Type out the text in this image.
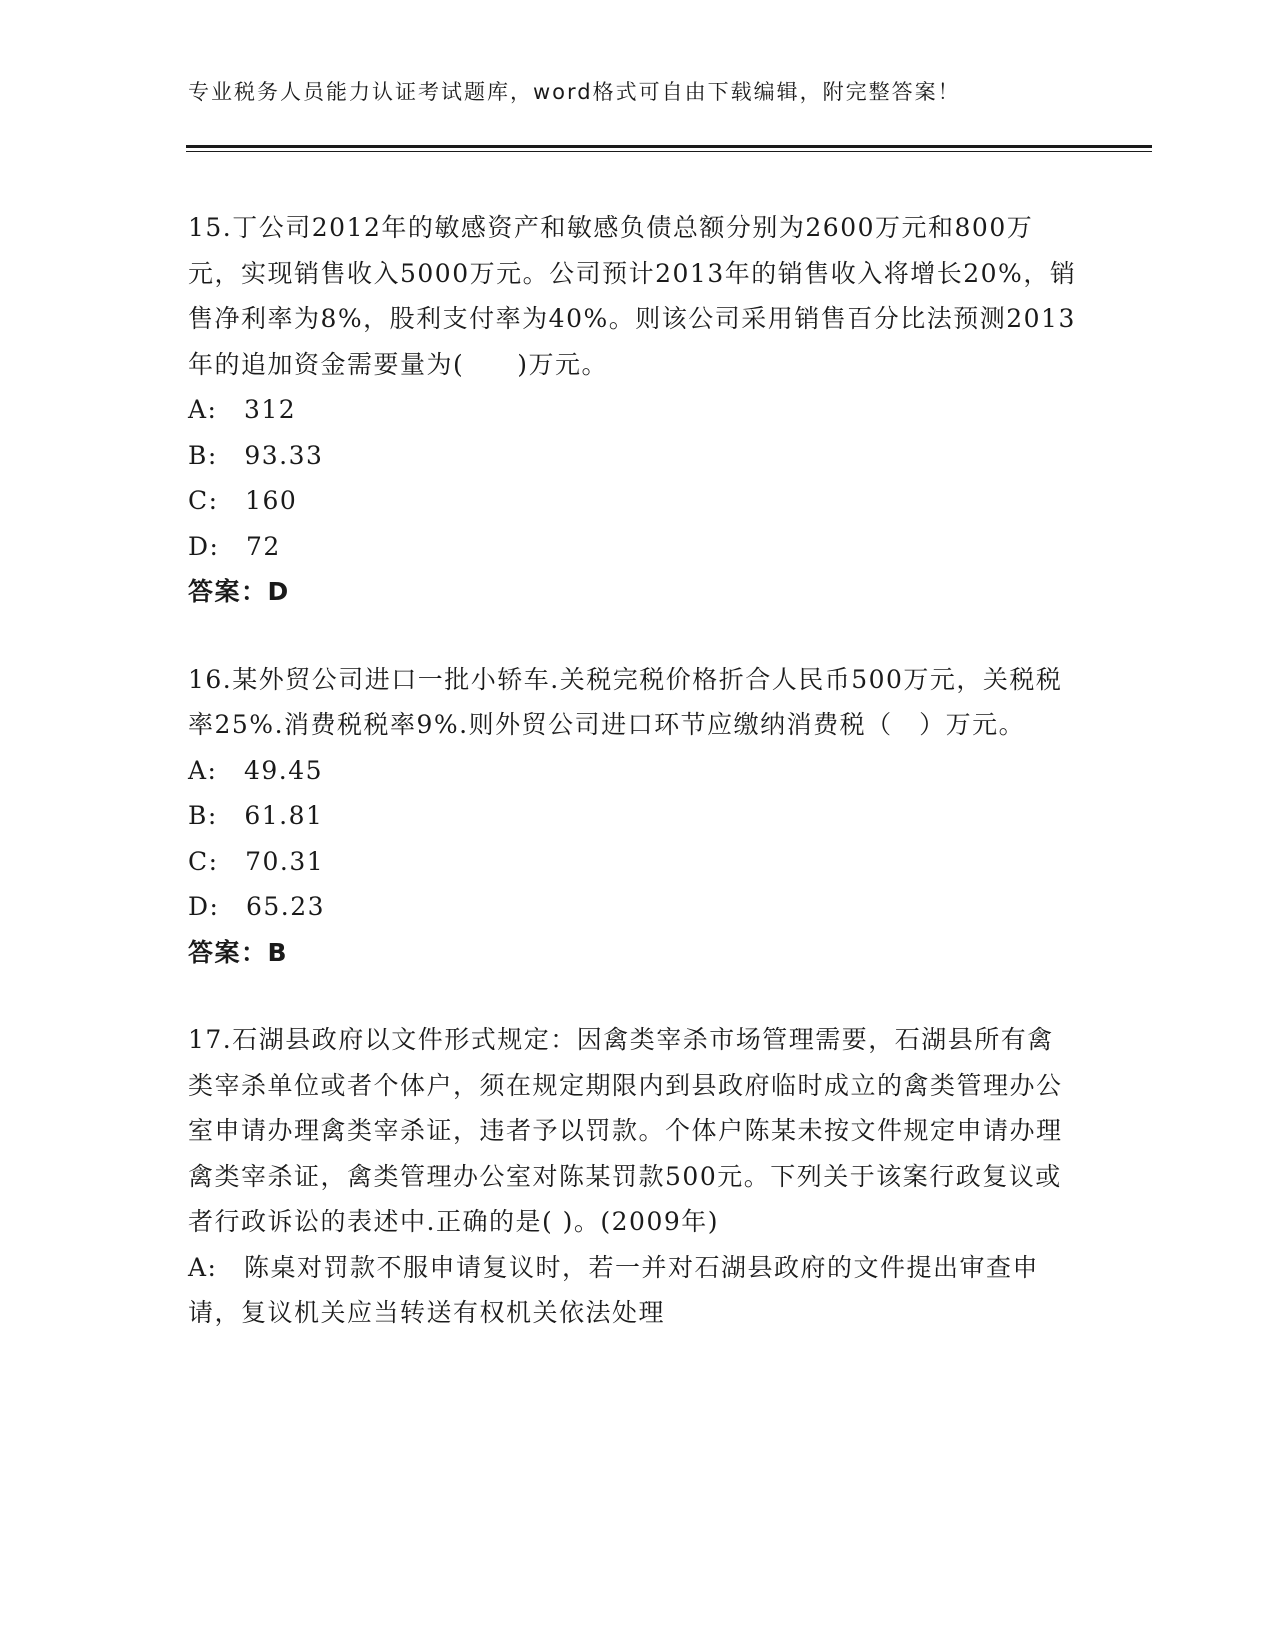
专业税务人员能力认证考试题库，word格式可自由下载编辑，附完整答案！

15.丁公司2012年的敏感资产和敏感负债总额分别为2600万元和800万元，实现销售收入5000万元。公司预计2013年的销售收入将增长20%，销售净利率为8%，股利支付率为40%。则该公司采用销售百分比法预测2013年的追加资金需要量为(　　)万元。

A: 312

B: 93.33

C: 160

D: 72

答案：D

16.某外贸公司进口一批小轿车.关税完税价格折合人民币500万元，关税税率25%.消费税税率9%.则外贸公司进口环节应缴纳消费税（　）万元。

A: 49.45

B: 61.81

C: 70.31

D: 65.23

答案：B

17.石湖县政府以文件形式规定：因禽类宰杀市场管理需要，石湖县所有禽类宰杀单位或者个体户，须在规定期限内到县政府临时成立的禽类管理办公室申请办理禽类宰杀证，违者予以罚款。个体户陈某未按文件规定申请办理禽类宰杀证，禽类管理办公室对陈某罚款500元。下列关于该案行政复议或者行政诉讼的表述中.正确的是( )。(2009年)

A: 陈桌对罚款不服申请复议时，若一并对石湖县政府的文件提出审查申请，复议机关应当转送有权机关依法处理
